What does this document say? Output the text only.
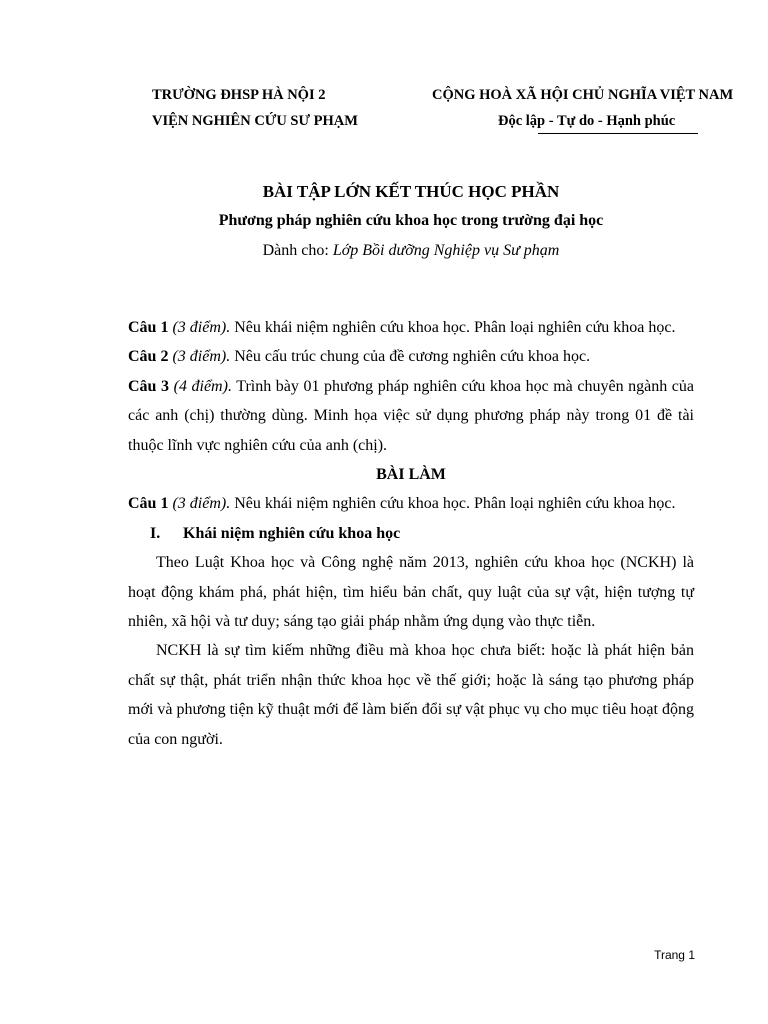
TRƯỜNG ĐHSP HÀ NỘI 2
VIỆN NGHIÊN CỨU SƯ PHẠM
CỘNG HOÀ XÃ HỘI CHỦ NGHĨA VIỆT NAM
Độc lập - Tự do - Hạnh phúc
BÀI TẬP LỚN KẾT THÚC HỌC PHẦN
Phương pháp nghiên cứu khoa học trong trường đại học
Dành cho: Lớp Bồi dưỡng Nghiệp vụ Sư phạm

Câu 1 (3 điểm). Nêu khái niệm nghiên cứu khoa học. Phân loại nghiên cứu khoa học.

Câu 2 (3 điểm). Nêu cấu trúc chung của đề cương nghiên cứu khoa học.

Câu 3 (4 điểm). Trình bày 01 phương pháp nghiên cứu khoa học mà chuyên ngành của các anh (chị) thường dùng. Minh họa việc sử dụng phương pháp này trong 01 đề tài thuộc lĩnh vực nghiên cứu của anh (chị).

BÀI LÀM

Câu 1 (3 điểm). Nêu khái niệm nghiên cứu khoa học. Phân loại nghiên cứu khoa học.

I.	Khái niệm nghiên cứu khoa học

Theo Luật Khoa học và Công nghệ năm 2013, nghiên cứu khoa học (NCKH) là hoạt động khám phá, phát hiện, tìm hiểu bản chất, quy luật của sự vật, hiện tượng tự nhiên, xã hội và tư duy; sáng tạo giải pháp nhằm ứng dụng vào thực tiễn.

NCKH là sự tìm kiếm những điều mà khoa học chưa biết: hoặc là phát hiện bản chất sự thật, phát triển nhận thức khoa học về thế giới; hoặc là sáng tạo phương pháp mới và phương tiện kỹ thuật mới để làm biến đổi sự vật phục vụ cho mục tiêu hoạt động của con người.

Trang 1
